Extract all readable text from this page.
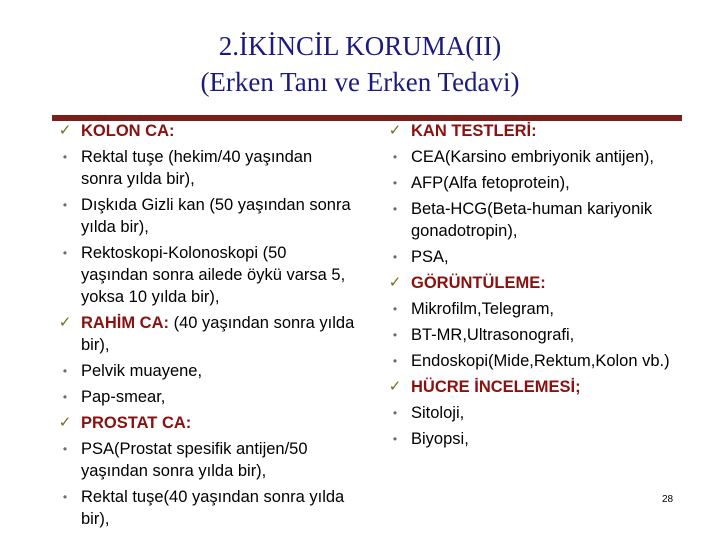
2.İKİNCİL KORUMA(II)
(Erken Tanı ve Erken Tedavi)
✓ KOLON CA:
• Rektal tuşe (hekim/40 yaşından sonra yılda bir),
• Dışkıda Gizli kan (50 yaşından sonra yılda bir),
• Rektoskopi-Kolonoskopi (50 yaşından sonra ailede öykü varsa 5, yoksa 10 yılda bir),
✓ RAHİM CA: (40 yaşından sonra yılda bir),
• Pelvik muayene,
• Pap-smear,
✓ PROSTAT CA:
• PSA(Prostat spesifik antijen/50 yaşından sonra yılda bir),
• Rektal tuşe(40 yaşından sonra yılda bir),
✓ KAN TESTLERİ:
• CEA(Karsino embriyonik antijen),
• AFP(Alfa fetoprotein),
• Beta-HCG(Beta-human kariyonik gonadotropin),
• PSA,
✓ GÖRÜNTÜLEME:
• Mikrofilm,Telegram,
• BT-MR,Ultrasonografi,
• Endoskopi(Mide,Rektum,Kolon vb.)
✓ HÜCRE İNCELEMESİ;
• Sitoloji,
• Biyopsi,
28
